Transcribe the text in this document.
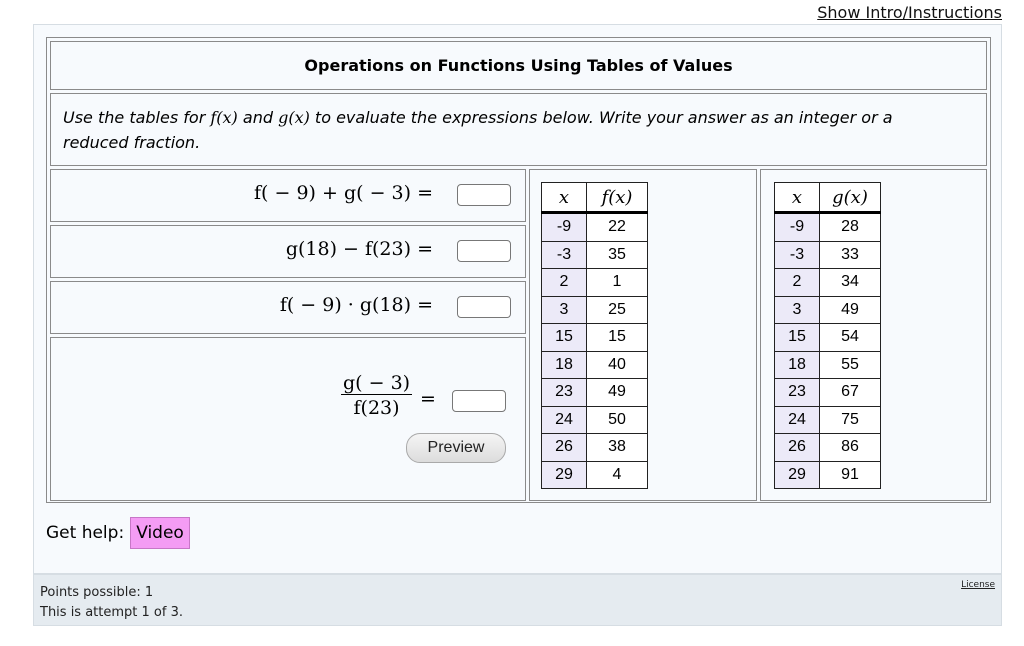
Show Intro/Instructions
Operations on Functions Using Tables of Values
Use the tables for f(x) and g(x) to evaluate the expressions below. Write your answer as an integer or a reduced fraction.
f( − 9) + g( − 3) =
g(18) − f(23) =
f( − 9) · g(18) =
$\frac{g( - 3)}{f(23)}$ =
Preview
x	f(x)
-9	22
-3	35
2	1
3	25
15	15
18	40
23	49
24	50
26	38
29	4
x	g(x)
-9	28
-3	33
2	34
3	49
15	54
18	55
23	67
24	75
26	86
29	91
Get help: Video
Points possible: 1
This is attempt 1 of 3.
License
